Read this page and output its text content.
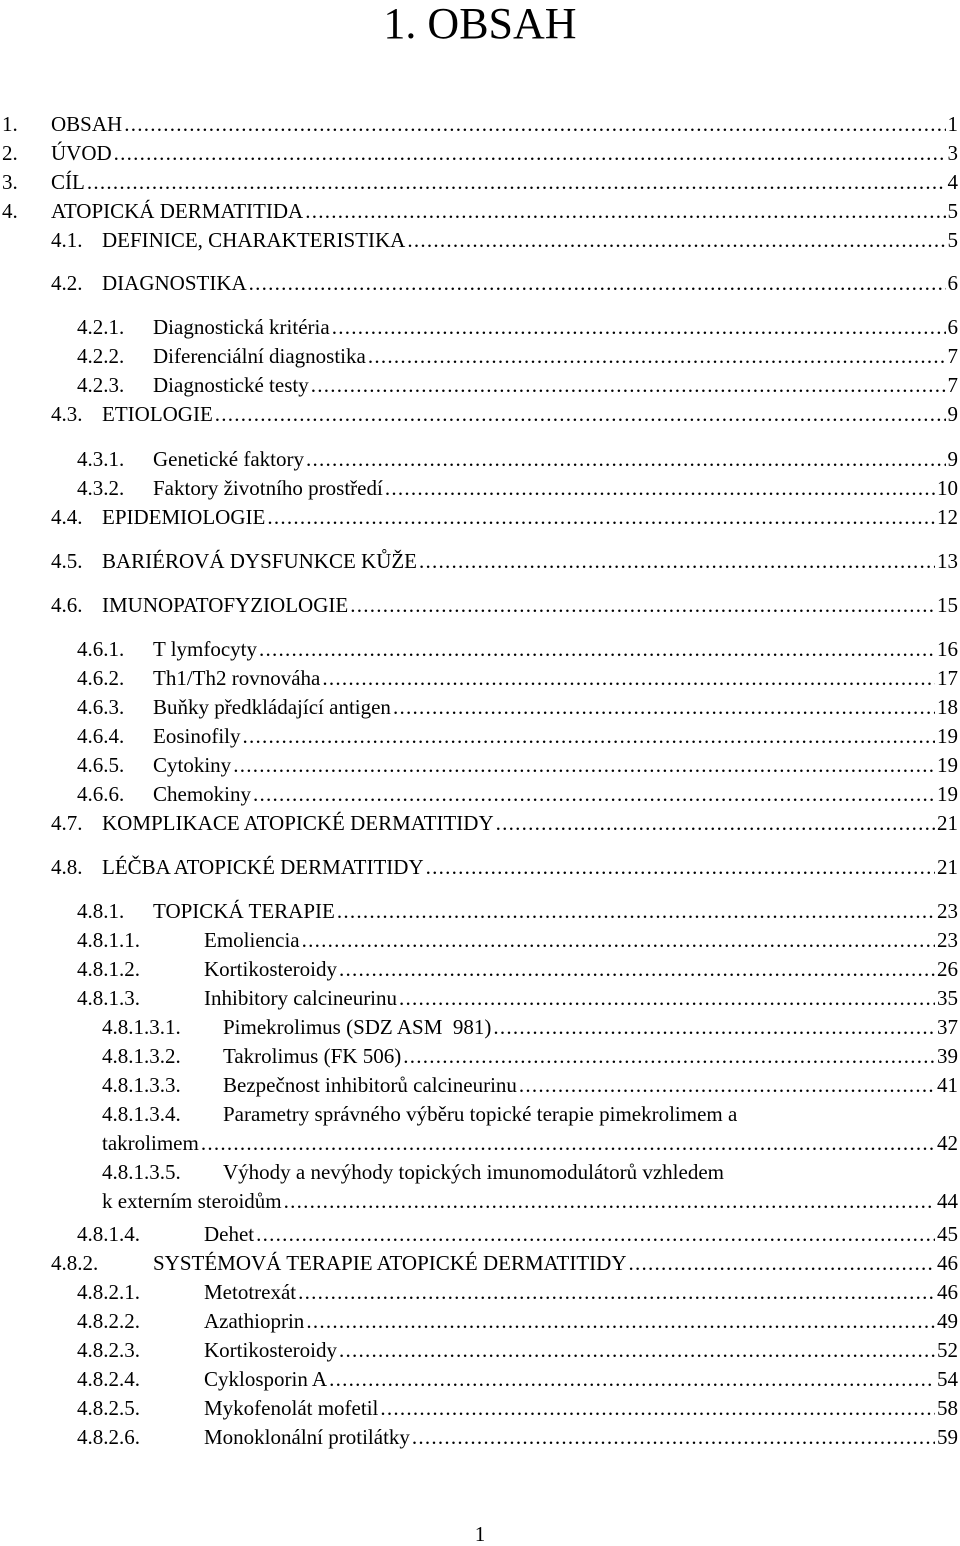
1. OBSAH
1.	OBSAH . . .	1
2.	ÚVOD . . .	3
3.	CÍL . . .	4
4.	ATOPICKÁ DERMATITIDA . . .	5
4.1. DEFINICE, CHARAKTERISTIKA . . .	5
4.2. DIAGNOSTIKA . . .	6
4.2.1.	Diagnostická kritéria . . .	6
4.2.2.	Diferenciální diagnostika . . .	7
4.2.3.	Diagnostické testy . . .	7
4.3. ETIOLOGIE . . .	9
4.3.1.	Genetické faktory . . .	9
4.3.2.	Faktory životního prostředí . . .	10
4.4. EPIDEMIOLOGIE . . .	12
4.5. BARIÉROVÁ DYSFUNKCE KŮŽE . . .	13
4.6. IMUNOPATOFYZIOLOGIE . . .	15
4.6.1.	T lymfocyty . . .	16
4.6.2.	Th1/Th2 rovnováha . . .	17
4.6.3.	Buňky předkládající antigen . . .	18
4.6.4.	Eosinofily . . .	19
4.6.5.	Cytokiny . . .	19
4.6.6.	Chemokiny . . .	19
4.7. KOMPLIKACE ATOPICKÉ DERMATITIDY . . .	21
4.8. LÉČBA ATOPICKÉ DERMATITIDY . . .	21
4.8.1.	TOPICKÁ TERAPIE . . .	23
4.8.1.1.	Emoliencia . . .	23
4.8.1.2.	Kortikosteroidy . . .	26
4.8.1.3.	Inhibitory calcineurinu . . .	35
4.8.1.3.1.	Pimekrolimus (SDZ ASM  981) . . .	37
4.8.1.3.2.	Takrolimus (FK 506) . . .	39
4.8.1.3.3.	Bezpečnost inhibitorů calcineurinu . . .	41
4.8.1.3.4.	Parametry správného výběru topické terapie pimekrolimem a
takrolimem . . .	42
4.8.1.3.5.	Výhody a nevýhody topických imunomodulátorů vzhledem
k externím steroidům . . .	44
4.8.1.4.	Dehet . . .	45
4.8.2.	SYSTÉMOVÁ TERAPIE ATOPICKÉ DERMATITIDY . . .	46
4.8.2.1.	Metotrexát . . .	46
4.8.2.2.	Azathioprin . . .	49
4.8.2.3.	Kortikosteroidy . . .	52
4.8.2.4.	Cyklosporin A . . .	54
4.8.2.5.	Mykofenolát mofetil . . .	58
4.8.2.6.	Monoklonální protilátky . . .	59
1
